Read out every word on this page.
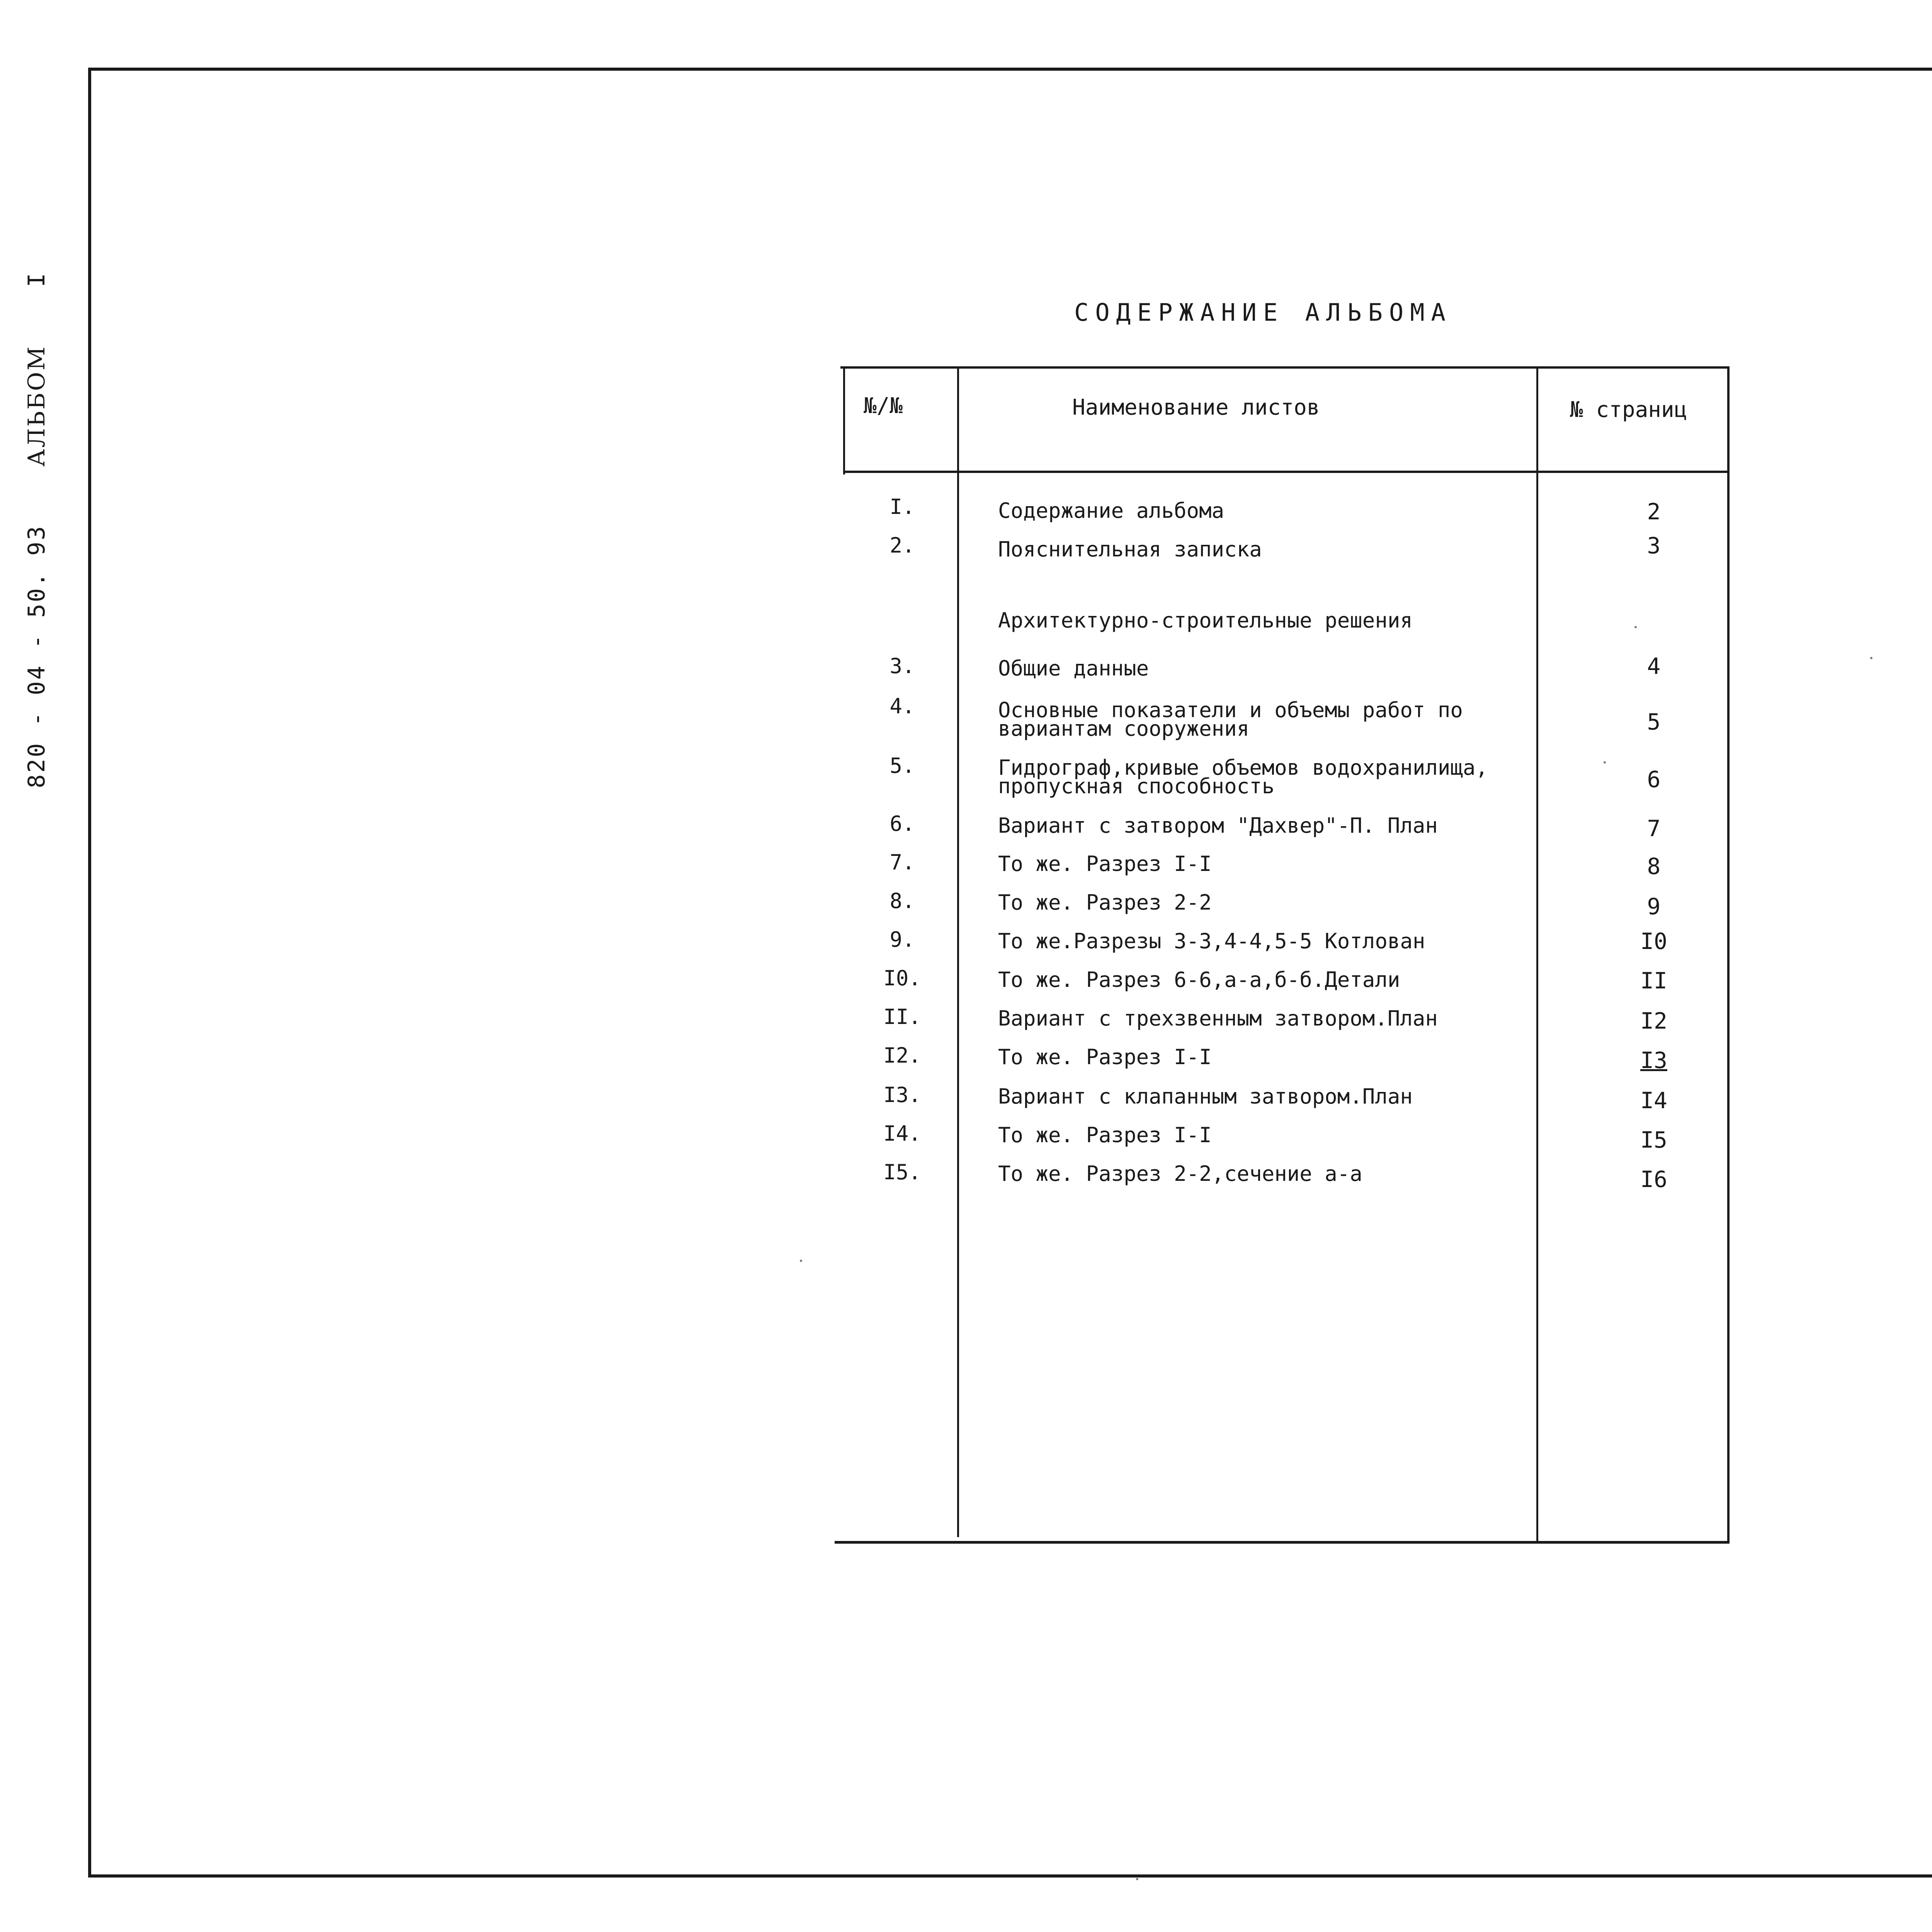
820 - 04 - 50. 93 АЛЬБОМ I
СОДЕРЖАНИЕ АЛЬБОМА
№/№	Наименование листов	№ страниц
I.	Содержание альбома	2
2.	Пояснительная записка	3
Архитектурно-строительные решения
3.	Общие данные	4
4.	Основные показатели и объемы работ по
вариантам сооружения	5
5.	Гидрограф,кривые объемов водохранилища,
пропускная способность	6
6.	Вариант с затвором "Дахвер"-П. План	7
7.	То же. Разрез I-I	8
8.	То же. Разрез 2-2	9
9.	То же.Разрезы 3-3,4-4,5-5 Котлован	I0
I0.	То же. Разрез 6-6,а-а,б-б.Детали	II
II.	Вариант с трехзвенным затвором.План	I2
I2.	То же. Разрез I-I	I3
I3.	Вариант с клапанным затвором.План	I4
I4.	То же. Разрез I-I	I5
I5.	То же. Разрез 2-2,сечение а-а	I6
